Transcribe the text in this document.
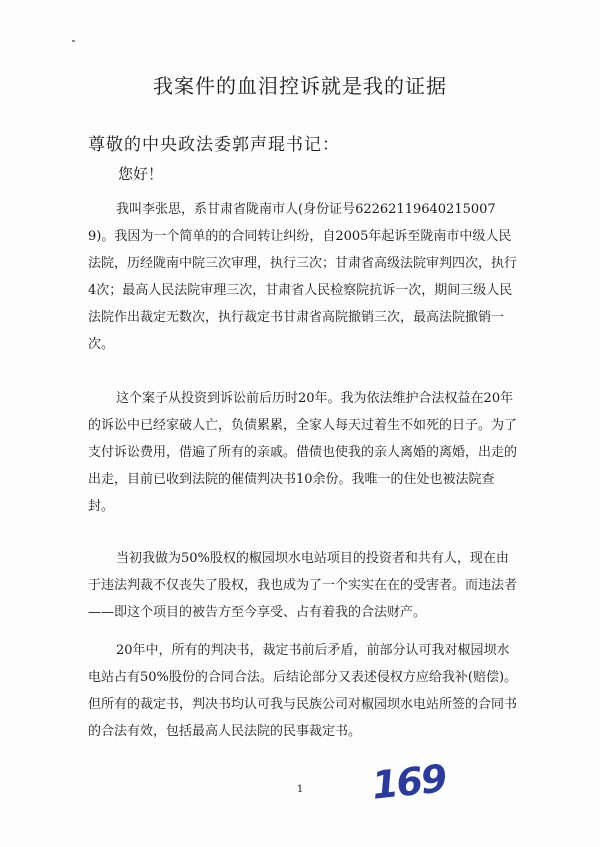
我案件的血泪控诉就是我的证据
尊敬的中央政法委郭声琨书记：
您好！
我叫李张思，系甘肃省陇南市人(身份证号622621196402150079)。我因为一个简单的的合同转让纠纷，自2005年起诉至陇南市中级人民法院，历经陇南中院三次审理，执行三次；甘肃省高级法院审判四次，执行4次；最高人民法院审理三次，甘肃省人民检察院抗诉一次，期间三级人民法院作出裁定无数次，执行裁定书甘肃省高院撤销三次，最高法院撤销一次。
这个案子从投资到诉讼前后历时20年。我为依法维护合法权益在20年的诉讼中已经家破人亡，负债累累，全家人每天过着生不如死的日子。为了支付诉讼费用，借遍了所有的亲戚。借债也使我的亲人离婚的离婚，出走的出走，目前已收到法院的催债判决书10余份。我唯一的住处也被法院查封。
当初我做为50%股权的椒园坝水电站项目的投资者和共有人，现在由于违法判裁不仅丧失了股权，我也成为了一个实实在在的受害者。而违法者——即这个项目的被告方至今享受、占有着我的合法财产。
20年中，所有的判决书，裁定书前后矛盾，前部分认可我对椒园坝水电站占有50%股份的合同合法。后结论部分又表述侵权方应给我补(赔偿)。但所有的裁定书，判决书均认可我与民族公司对椒园坝水电站所签的合同书的合法有效，包括最高人民法院的民事裁定书。
1	169
